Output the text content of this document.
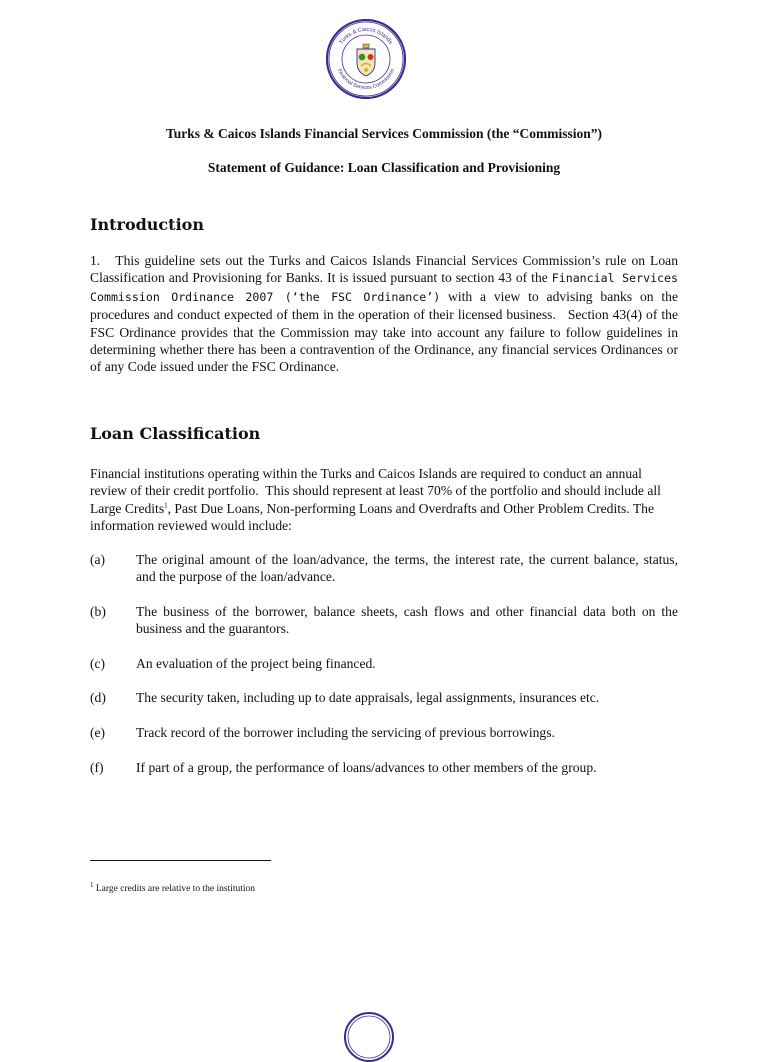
Turks & Caicos Islands
Financial Services Commission
Turks & Caicos Islands Financial Services Commission (the “Commission”)
Statement of Guidance: Loan Classification and Provisioning
Introduction

1.   This guideline sets out the Turks and Caicos Islands Financial Services Commission’s rule on Loan Classification and Provisioning for Banks. It is issued pursuant to section 43 of the Financial Services Commission Ordinance 2007 (‘the FSC Ordinance’) with a view to advising banks on the procedures and conduct expected of them in the operation of their licensed business.   Section 43(4) of the FSC Ordinance provides that the Commission may take into account any failure to follow guidelines in determining whether there has been a contravention of the Ordinance, any financial services Ordinances or of any Code issued under the FSC Ordinance.

Loan Classification

Financial institutions operating within the Turks and Caicos Islands are required to conduct an annual review of their credit portfolio.  This should represent at least 70% of the portfolio and should include all Large Credits$^1$, Past Due Loans, Non-performing Loans and Overdrafts and Other Problem Credits. The information reviewed would include:

(a) The original amount of the loan/advance, the terms, the interest rate, the current balance, status, and the purpose of the loan/advance.
(b) The business of the borrower, balance sheets, cash flows and other financial data both on the business and the guarantors.
(c) An evaluation of the project being financed.
(d) The security taken, including up to date appraisals, legal assignments, insurances etc.
(e) Track record of the borrower including the servicing of previous borrowings.
(f) If part of a group, the performance of loans/advances to other members of the group.
$^1$ Large credits are relative to the institution
